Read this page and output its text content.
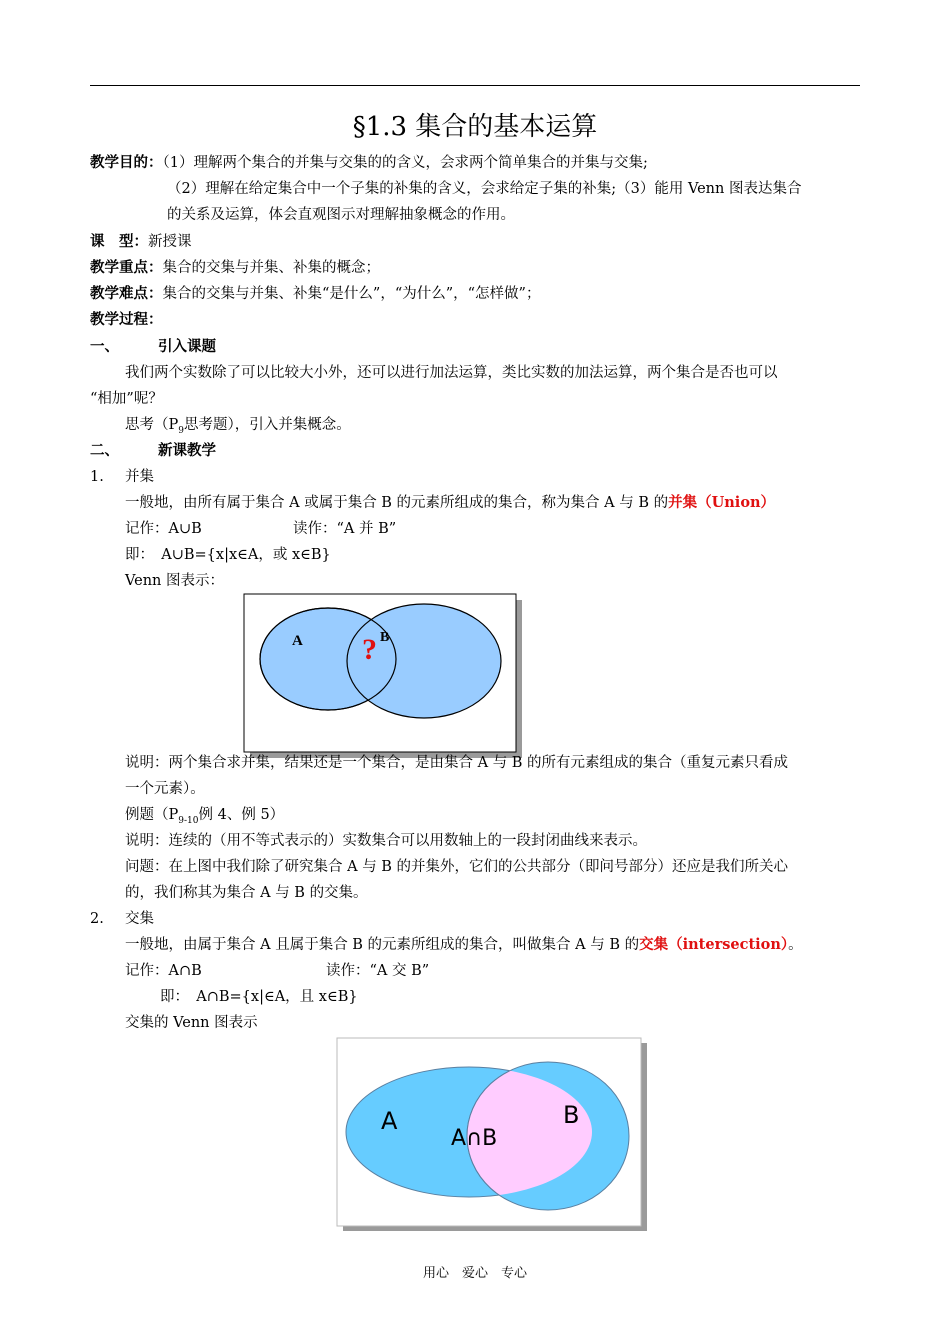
§1.3 集合的基本运算
教学目的：（1）理解两个集合的并集与交集的的含义，会求两个简单集合的并集与交集;
（2）理解在给定集合中一个子集的补集的含义，会求给定子集的补集;（3）能用 Venn 图表达集合
的关系及运算，体会直观图示对理解抽象概念的作用。
课　型：新授课
教学重点：集合的交集与并集、补集的概念；
教学难点：集合的交集与并集、补集“是什么”，“为什么”，“怎样做”；
教学过程：
一、	引入课题
我们两个实数除了可以比较大小外，还可以进行加法运算，类比实数的加法运算，两个集合是否也可以
“相加”呢？
思考（$P_9$思考题），引入并集概念。
二、	新课教学
1. 并集
一般地，由所有属于集合 A 或属于集合 B 的元素所组成的集合，称为集合 A 与 B 的并集（Union）
记作：A∪B	读作：“A 并 B”
即：　A∪B={x|x∈A，或 x∈B}
Venn 图表示：
A	B
?
说明：两个集合求并集，结果还是一个集合，是由集合 A 与 B 的所有元素组成的集合（重复元素只看成
一个元素）。
例题（$P_{9-10}$例 4、例 5）
说明：连续的（用不等式表示的）实数集合可以用数轴上的一段封闭曲线来表示。
问题：在上图中我们除了研究集合 A 与 B 的并集外，它们的公共部分（即问号部分）还应是我们所关心
的，我们称其为集合 A 与 B 的交集。
2. 交集
一般地，由属于集合 A 且属于集合 B 的元素所组成的集合，叫做集合 A 与 B 的交集（intersection）。
记作：A∩B	读作：“A 交 B”
即：　A∩B={x|∈A，且 x∈B}
交集的 Venn 图表示
A	B
A∩B
用心　爱心　专心
